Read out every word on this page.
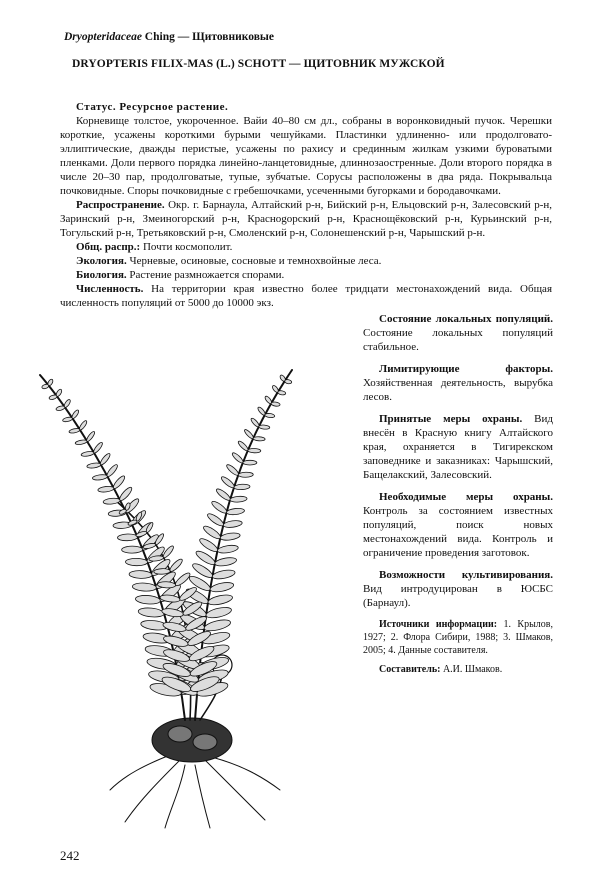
Dryopteridaceae Ching — Щитовниковые
DRYOPTERIS FILIX-MAS (L.) SCHOTT — ЩИТОВНИК МУЖСКОЙ

Статус. Ресурсное растение.

Корневище толстое, укороченное. Вайи 40–80 см дл., собраны в воронковидный пучок. Черешки короткие, усажены короткими бурыми чешуйками. Пластинки удлиненно- или продолговато-эллиптические, дважды перистые, усажены по рахису и срединным жилкам узкими буроватыми пленками. Доли первого порядка линейно-ланцетовидные, длиннозаостренные. Доли второго порядка в числе 20–30 пар, продолговатые, тупые, зубчатые. Сорусы расположены в два ряда. Покрывальца почковидные. Споры почковидные с гребешочками, усеченными бугорками и бородавочками.

Распространение. Окр. г. Барнаула, Алтайский р-н, Бийский р-н, Ельцовский р-н, Залесовский р-н, Заринский р-н, Змеиногорский р-н, Краснogорский р-н, Краснощёковский р-н, Курьинский р-н, Тогульский р-н, Третьяковский р-н, Смоленский р-н, Солонешенский р-н, Чарышский р-н.

Общ. распр.: Почти космополит.

Экология. Черневые, осиновые, сосновые и темнохвойные леса.

Биология. Растение размножается спорами.

Численность. На территории края известно более тридцати местонахождений вида. Общая численность популяций от 5000 до 10000 экз.

Состояние локальных популяций. Состояние локальных популяций стабильное.

Лимитирующие факторы. Хозяйственная деятельность, вырубка лесов.

Принятые меры охраны. Вид внесён в Красную книгу Алтайского края, охраняется в Тигирекском заповеднике и заказниках: Чарышский, Бащелакский, Залесовский.

Необходимые меры охраны. Контроль за состоянием известных популяций, поиск новых местонахождений вида. Контроль и ограничение проведения заготовок.

Возможности культивирования. Вид интродуцирован в ЮСБС (Барнаул).

Источники информации: 1. Крылов, 1927; 2. Флора Сибири, 1988; 3. Шмаков, 2005; 4. Данные составителя.

Составитель: А.И. Шмаков.

242
